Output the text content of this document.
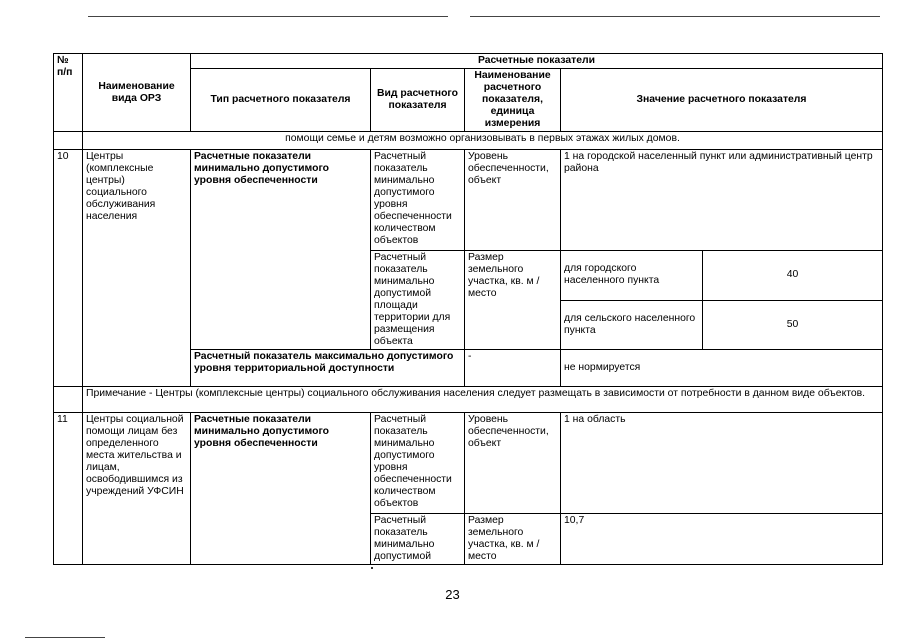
№ п/п	Наименование вида ОРЗ	Расчетные показатели				
		Тип расчетного показателя	Вид расчетного показателя	Наименование расчетного показателя, единица измерения	Значение расчетного показателя	
	помощи семье и детям возможно организовывать в первых этажах жилых домов.					
10	Центры (комплексные центры) социального обслуживания населения	Расчетные показатели минимально допустимого уровня обеспеченности	Расчетный показатель минимально допустимого уровня обеспеченности количеством объектов	Уровень обеспеченности, объект	1 на городской населенный пункт или административный центр района	
			Расчетный показатель минимально допустимой площади территории для размещения объекта	Размер земельного участка, кв. м /место	для городского населенного пункта	40
					для сельского населенного пункта	50
		Расчетный показатель максимально допустимого уровня территориальной доступности		-	не нормируется	
	Примечание - Центры (комплексные центры) социального обслуживания населения следует размещать в зависимости от потребности в данном виде объектов.					
11	Центры социальной помощи лицам без определенного места жительства и лицам, освободившимся из учреждений УФСИН	Расчетные показатели минимально допустимого уровня обеспеченности	Расчетный показатель минимально допустимого уровня обеспеченности количеством объектов	Уровень обеспеченности, объект	1 на область	
			Расчетный показатель минимально допустимой	Размер земельного участка, кв. м /место	10,7	
23
